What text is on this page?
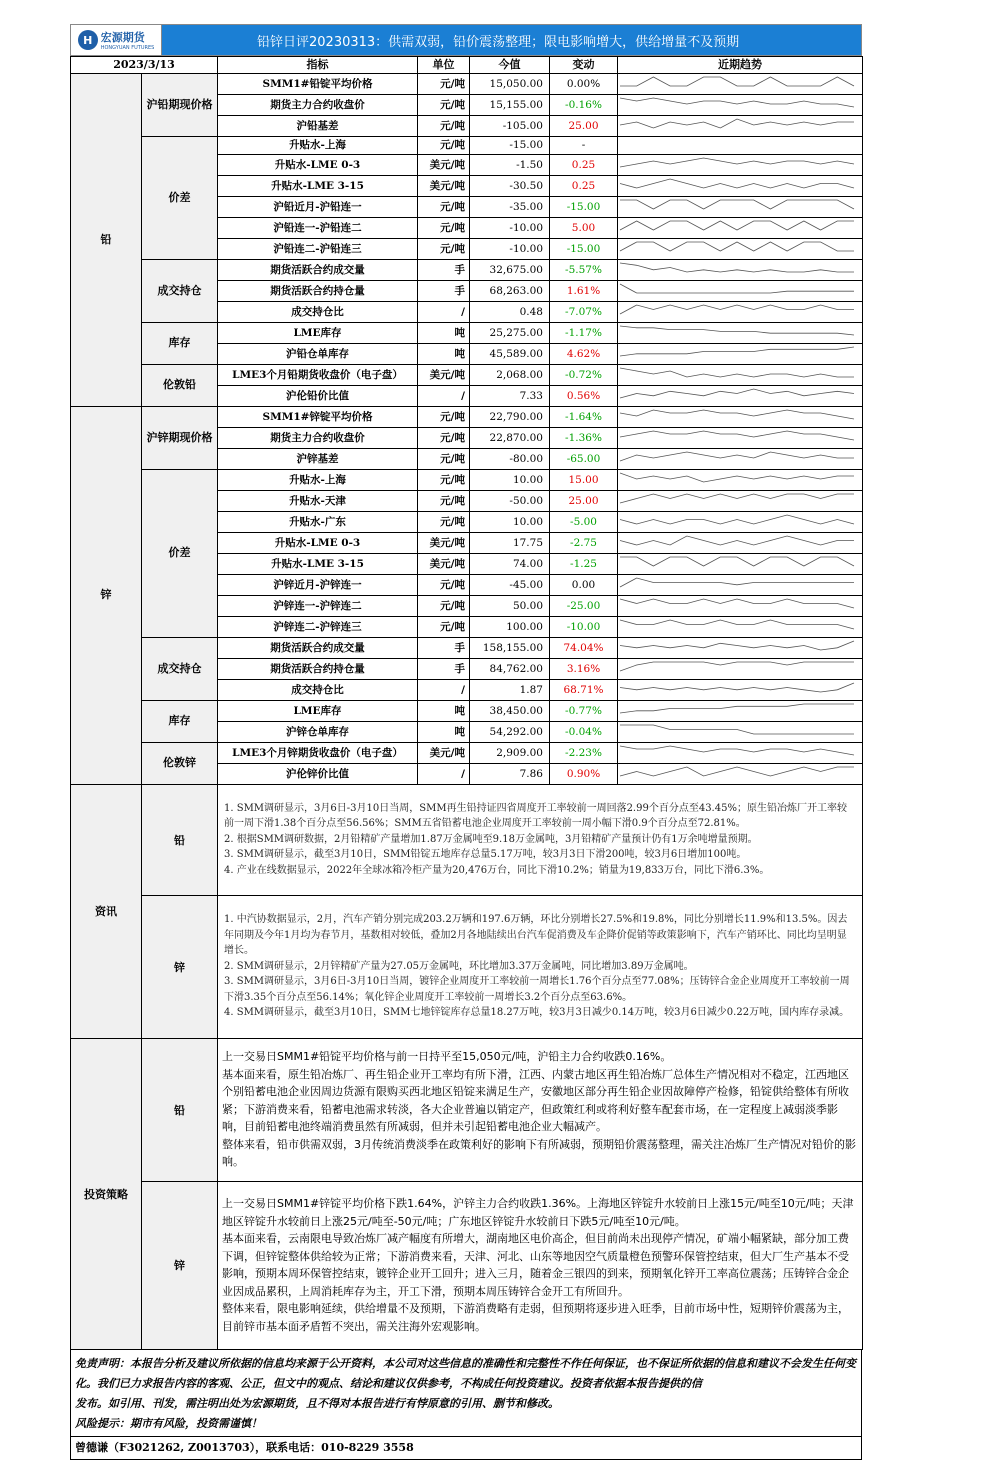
H 宏源期货
HONGYUAN FUTURES	铅锌日评20230313：供需双弱，铅价震荡整理；限电影响增大，供给增量不及预期
2023/3/13		指标	单位	今值	变动	近期趋势
铅	沪铅期现价格	SMM1#铅锭平均价格	元/吨	15,050.00	0.00%	
		期货主力合约收盘价	元/吨	15,155.00	-0.16%	
		沪铅基差	元/吨	-105.00	25.00	
	价差	升贴水-上海	元/吨	-15.00	-	
		升贴水-LME 0-3	美元/吨	-1.50	0.25	
		升贴水-LME 3-15	美元/吨	-30.50	0.25	
		沪铅近月-沪铅连一	元/吨	-35.00	-15.00	
		沪铅连一-沪铅连二	元/吨	-10.00	5.00	
		沪铅连二-沪铅连三	元/吨	-10.00	-15.00	
	成交持仓	期货活跃合约成交量	手	32,675.00	-5.57%	
		期货活跃合约持仓量	手	68,263.00	1.61%	
		成交持仓比	/	0.48	-7.07%	
	库存	LME库存	吨	25,275.00	-1.17%	
		沪铅仓单库存	吨	45,589.00	4.62%	
	伦敦铅	LME3个月铅期货收盘价（电子盘）	美元/吨	2,068.00	-0.72%	
		沪伦铅价比值	/	7.33	0.56%	
锌	沪锌期现价格	SMM1#锌锭平均价格	元/吨	22,790.00	-1.64%	
		期货主力合约收盘价	元/吨	22,870.00	-1.36%	
		沪锌基差	元/吨	-80.00	-65.00	
	价差	升贴水-上海	元/吨	10.00	15.00	
		升贴水-天津	元/吨	-50.00	25.00	
		升贴水-广东	元/吨	10.00	-5.00	
		升贴水-LME 0-3	美元/吨	17.75	-2.75	
		升贴水-LME 3-15	美元/吨	74.00	-1.25	
		沪锌近月-沪锌连一	元/吨	-45.00	0.00	
		沪锌连一-沪锌连二	元/吨	50.00	-25.00	
		沪锌连二-沪锌连三	元/吨	100.00	-10.00	
	成交持仓	期货活跃合约成交量	手	158,155.00	74.04%	
		期货活跃合约持仓量	手	84,762.00	3.16%	
		成交持仓比	/	1.87	68.71%	
	库存	LME库存	吨	38,450.00	-0.77%	
		沪锌仓单库存	吨	54,292.00	-0.04%	
	伦敦锌	LME3个月锌期货收盘价（电子盘）	美元/吨	2,909.00	-2.23%	
		沪伦锌价比值	/	7.86	0.90%	
资讯	铅	1. SMM调研显示，3月6日-3月10日当周，SMM再生铅持证四省周度开工率较前一周回落2.99个百分点至43.45%；原生铅冶炼厂开工率较前一周下滑1.38个百分点至56.56%；SMM五省铅蓄电池企业周度开工率较前一周小幅下滑0.9个百分点至72.81%。

2. 根据SMM调研数据，2月铅精矿产量增加1.87万金属吨至9.18万金属吨，3月铅精矿产量预计仍有1万余吨增量预期。

3. SMM调研显示，截至3月10日，SMM铅锭五地库存总量5.17万吨，较3月3日下滑200吨，较3月6日增加100吨。

4. 产业在线数据显示，2022年全球冰箱冷柜产量为20,476万台，同比下滑10.2%；销量为19,833万台，同比下滑6.3%。

	锌	1. 中汽协数据显示，2月，汽车产销分别完成203.2万辆和197.6万辆，环比分别增长27.5%和19.8%，同比分别增长11.9%和13.5%。因去年同期及今年1月均为春节月，基数相对较低，叠加2月各地陆续出台汽车促消费及车企降价促销等政策影响下，汽车产销环比、同比均呈明显增长。

2. SMM调研显示，2月锌精矿产量为27.05万金属吨，环比增加3.37万金属吨，同比增加3.89万金属吨。

3. SMM调研显示，3月6日-3月10日当周，镀锌企业周度开工率较前一周增长1.76个百分点至77.08%；压铸锌合金企业周度开工率较前一周下滑3.35个百分点至56.14%；氧化锌企业周度开工率较前一周增长3.2个百分点至63.6%。

4. SMM调研显示，截至3月10日，SMM七地锌锭库存总量18.27万吨，较3月3日减少0.14万吨，较3月6日减少0.22万吨，国内库存录减。

投资策略	铅	上一交易日SMM1#铅锭平均价格与前一日持平至15,050元/吨，沪铅主力合约收跌0.16%。

基本面来看，原生铅冶炼厂、再生铅企业开工率均有所下滑，江西、内蒙古地区再生铅冶炼厂总体生产情况相对不稳定，江西地区个别铅蓄电池企业因周边货源有限购买西北地区铅锭来满足生产，安徽地区部分再生铅企业因故障停产检修，铅锭供给整体有所收紧；下游消费来看，铅蓄电池需求转淡，各大企业普遍以销定产，但政策红利或将利好整车配套市场，在一定程度上减弱淡季影响，目前铅蓄电池终端消费虽然有所减弱，但并未引起铅蓄电池企业大幅减产。

整体来看，铅市供需双弱，3月传统消费淡季在政策利好的影响下有所减弱，预期铅价震荡整理，需关注冶炼厂生产情况对铅价的影响。

	锌	上一交易日SMM1#锌锭平均价格下跌1.64%，沪锌主力合约收跌1.36%。上海地区锌锭升水较前日上涨15元/吨至10元/吨；天津地区锌锭升水较前日上涨25元/吨至-50元/吨；广东地区锌锭升水较前日下跌5元/吨至10元/吨。

基本面来看，云南限电导致冶炼厂减产幅度有所增大，湖南地区电价高企，但目前尚未出现停产情况，矿端小幅紧缺，部分加工费下调，但锌锭整体供给较为正常；下游消费来看，天津、河北、山东等地因空气质量橙色预警环保管控结束，但大厂生产基本不受影响，预期本周环保管控结束，镀锌企业开工回升；进入三月，随着金三银四的到来，预期氧化锌开工率高位震荡；压铸锌合金企业因成品累积，上周消耗库存为主，开工下滑，预期本周压铸锌合金开工有所回升。

整体来看，限电影响延续，供给增量不及预期，下游消费略有走弱，但预期将逐步进入旺季，目前市场中性，短期锌价震荡为主，目前锌市基本面矛盾暂不突出，需关注海外宏观影响。

免责声明：本报告分析及建议所依据的信息均来源于公开资料，本公司对这些信息的准确性和完整性不作任何保证，也不保证所依据的信息和建议不会发生任何变化。我们已力求报告内容的客观、公正，但文中的观点、结论和建议仅供参考，不构成任何投资建议。投资者依据本报告提供的信

发布。如引用、刊发，需注明出处为宏源期货，且不得对本报告进行有悖原意的引用、删节和修改。

风险提示：期市有风险，投资需谨慎！

曾德谦（F3021262, Z0013703），联系电话：010-8229 3558
